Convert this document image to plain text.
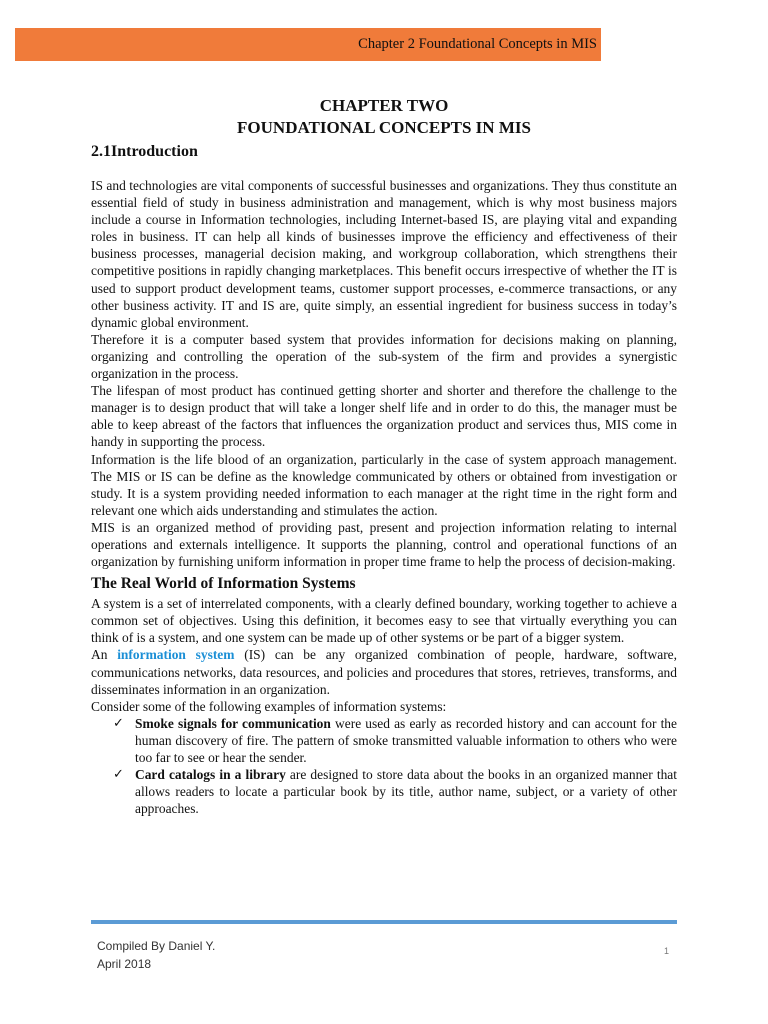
Chapter 2 Foundational Concepts in MIS
CHAPTER TWO
FOUNDATIONAL CONCEPTS IN MIS
2.1Introduction

IS and technologies are vital components of successful businesses and organizations. They thus constitute an essential field of study in business administration and management, which is why most business majors include a course in Information technologies, including Internet-based IS, are playing vital and expanding roles in business. IT can help all kinds of businesses improve the efficiency and effectiveness of their business processes, managerial decision making, and workgroup collaboration, which strengthens their competitive positions in rapidly changing marketplaces. This benefit occurs irrespective of whether the IT is used to support product development teams, customer support processes, e-commerce transactions, or any other business activity. IT and IS are, quite simply, an essential ingredient for business success in today’s dynamic global environment.

Therefore it is a computer based system that provides information for decisions making on planning, organizing and controlling the operation of the sub-system of the firm and provides a synergistic organization in the process.

The lifespan of most product has continued getting shorter and shorter and therefore the challenge to the manager is to design product that will take a longer shelf life and in order to do this, the manager must be able to keep abreast of the factors that influences the organization product and services thus, MIS come in handy in supporting the process.

Information is the life blood of an organization, particularly in the case of system approach management. The MIS or IS can be define as the knowledge communicated by others or obtained from investigation or study. It is a system providing needed information to each manager at the right time in the right form and relevant one which aids understanding and stimulates the action.

MIS is an organized method of providing past, present and projection information relating to internal operations and externals intelligence. It supports the planning, control and operational functions of an organization by furnishing uniform information in proper time frame to help the process of decision-making.

The Real World of Information Systems

A system is a set of interrelated components, with a clearly defined boundary, working together to achieve a common set of objectives. Using this definition, it becomes easy to see that virtually everything you can think of is a system, and one system can be made up of other systems or be part of a bigger system.

An information system (IS) can be any organized combination of people, hardware, software, communications networks, data resources, and policies and procedures that stores, retrieves, transforms, and disseminates information in an organization.

Consider some of the following examples of information systems:

✓ Smoke signals for communication were used as early as recorded history and can account for the human discovery of fire. The pattern of smoke transmitted valuable information to others who were too far to see or hear the sender.
✓ Card catalogs in a library are designed to store data about the books in an organized manner that allows readers to locate a particular book by its title, author name, subject, or a variety of other approaches.
Compiled By Daniel Y.
April 2018
1
